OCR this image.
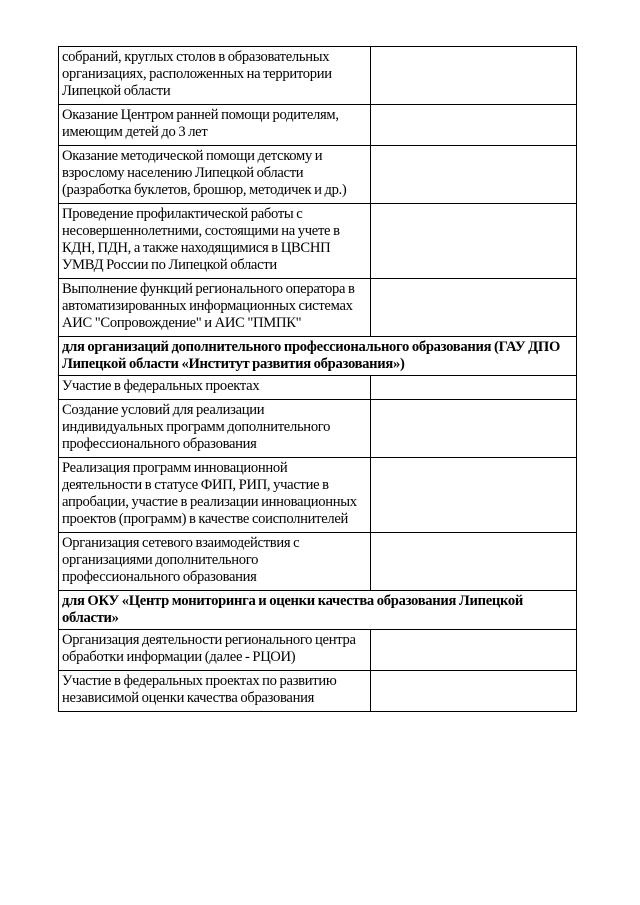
собраний, круглых столов в образовательных организациях, расположенных на территории Липецкой области	
Оказание Центром ранней помощи родителям, имеющим детей до 3 лет	
Оказание методической помощи детскому и взрослому населению Липецкой области (разработка буклетов, брошюр, методичек и др.)	
Проведение профилактической работы с несовершеннолетними, состоящими на учете в КДН, ПДН, а также находящимися в ЦВСНП УМВД России по Липецкой области	
Выполнение функций регионального оператора в автоматизированных информационных системах АИС "Сопровождение" и АИС "ПМПК"	
для организаций дополнительного профессионального образования (ГАУ ДПО Липецкой области «Институт развития образования»)	
Участие в федеральных проектах	
Создание условий для реализации индивидуальных программ дополнительного профессионального образования	
Реализация программ инновационной деятельности в статусе ФИП, РИП, участие в апробации, участие в реализации инновационных проектов (программ) в качестве соисполнителей	
Организация сетевого взаимодействия с организациями дополнительного профессионального образования	
для ОКУ «Центр мониторинга и оценки качества образования Липецкой области»	
Организация деятельности регионального центра обработки информации (далее - РЦОИ)	
Участие в федеральных проектах по развитию независимой оценки качества образования	
